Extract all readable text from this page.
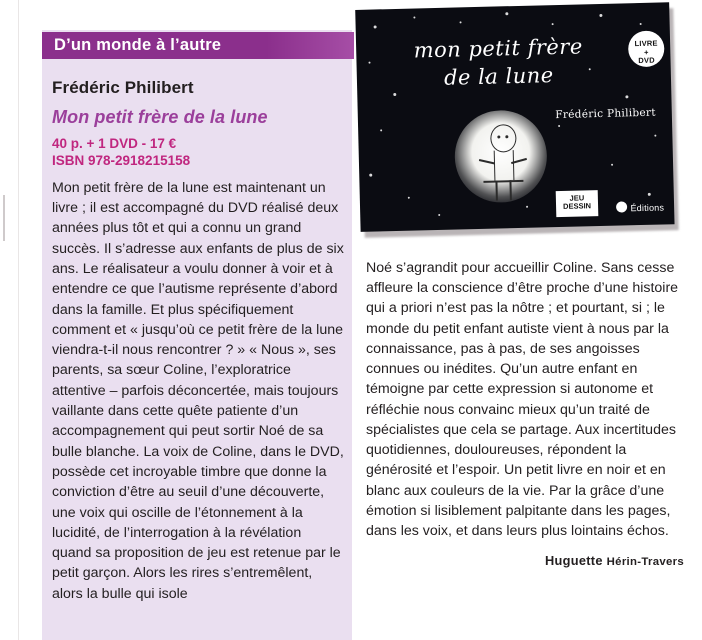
D’un monde à l’autre

Frédéric Philibert

Mon petit frère de la lune

40 p. + 1 DVD - 17 €

ISBN 978-2918215158

Mon petit frère de la lune est maintenant un livre ; il est accompagné du DVD réalisé deux années plus tôt et qui a connu un grand succès. Il s’adresse aux enfants de plus de six ans. Le réalisateur a voulu donner à voir et à entendre ce que l’autisme représente d’abord dans la famille. Et plus spécifiquement comment et « jusqu’où ce petit frère de la lune viendra-t-il nous rencontrer ? » « Nous », ses parents, sa sœur Coline, l’exploratrice attentive – parfois déconcertée, mais toujours vaillante dans cette quête patiente d’un accompagnement qui peut sortir Noé de sa bulle blanche. La voix de Coline, dans le DVD, possède cet incroyable timbre que donne la conviction d’être au seuil d’une découverte, une voix qui oscille de l’étonnement à la lucidité, de l’interrogation à la révélation quand sa proposition de jeu est retenue par le petit garçon. Alors les rires s’entremêlent, alors la bulle qui isole

Noé s’agrandit pour accueillir Coline. Sans cesse affleure la conscience d’être proche d’une histoire qui a priori n’est pas la nôtre ; et pourtant, si ; le monde du petit enfant autiste vient à nous par la connaissance, pas à pas, de ses angoisses connues ou inédites. Qu’un autre enfant en témoigne par cette expression si autonome et réfléchie nous convainc mieux qu’un traité de spécialistes que cela se partage. Aux incertitudes quotidiennes, douloureuses, répondent la générosité et l’espoir. Un petit livre en noir et en blanc aux couleurs de la vie. Par la grâce d’une émotion si lisiblement palpitante dans les pages, dans les voix, et dans leurs plus lointains échos.

Huguette Hérin-Travers
mon petit frère
de la lune
Frédéric Philibert
LIVRE
+
DVD
JEU
DESSIN	Éditions
